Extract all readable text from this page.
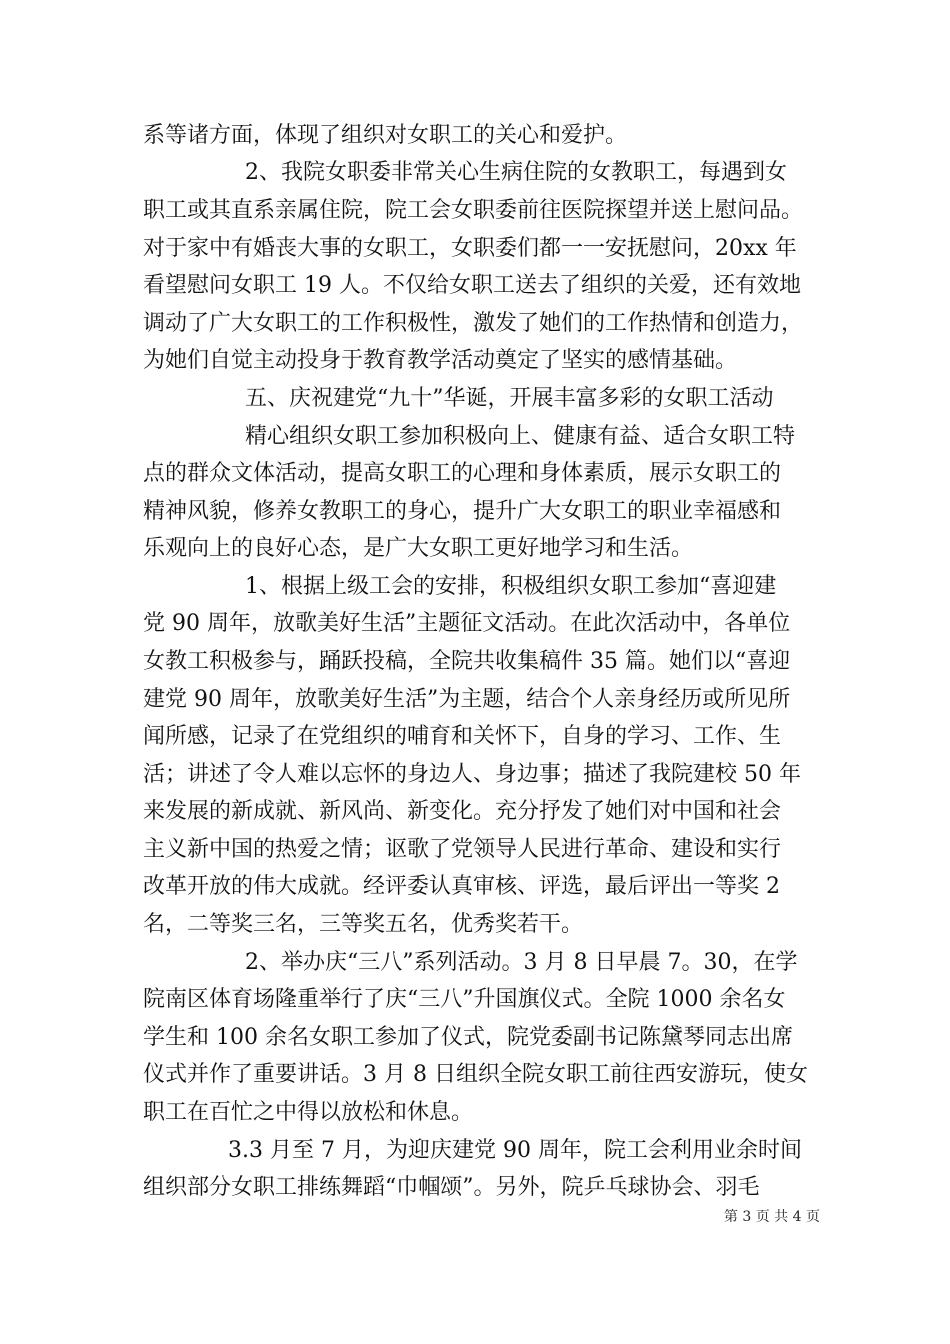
系等诸方面，体现了组织对女职工的关心和爱护。
2、我院女职委非常关心生病住院的女教职工，每遇到女
职工或其直系亲属住院，院工会女职委前往医院探望并送上慰问品。
对于家中有婚丧大事的女职工，女职委们都一一安抚慰问，20xx 年
看望慰问女职工 19 人。不仅给女职工送去了组织的关爱，还有效地
调动了广大女职工的工作积极性，激发了她们的工作热情和创造力，
为她们自觉主动投身于教育教学活动奠定了坚实的感情基础。
五、庆祝建党“九十”华诞，开展丰富多彩的女职工活动
精心组织女职工参加积极向上、健康有益、适合女职工特
点的群众文体活动，提高女职工的心理和身体素质，展示女职工的
精神风貌，修养女教职工的身心，提升广大女职工的职业幸福感和
乐观向上的良好心态，是广大女职工更好地学习和生活。
1、根据上级工会的安排，积极组织女职工参加“喜迎建
党 90 周年，放歌美好生活”主题征文活动。在此次活动中，各单位
女教工积极参与，踊跃投稿，全院共收集稿件 35 篇。她们以“喜迎
建党 90 周年，放歌美好生活”为主题，结合个人亲身经历或所见所
闻所感，记录了在党组织的哺育和关怀下，自身的学习、工作、生
活；讲述了令人难以忘怀的身边人、身边事；描述了我院建校 50 年
来发展的新成就、新风尚、新变化。充分抒发了她们对中国和社会
主义新中国的热爱之情；讴歌了党领导人民进行革命、建设和实行
改革开放的伟大成就。经评委认真审核、评选，最后评出一等奖 2
名，二等奖三名，三等奖五名，优秀奖若干。
2、举办庆“三八”系列活动。3 月 8 日早晨 7。30，在学
院南区体育场隆重举行了庆“三八”升国旗仪式。全院 1000 余名女
学生和 100 余名女职工参加了仪式，院党委副书记陈黛琴同志出席
仪式并作了重要讲话。3 月 8 日组织全院女职工前往西安游玩，使女
职工在百忙之中得以放松和休息。
3.3 月至 7 月，为迎庆建党 90 周年，院工会利用业余时间
组织部分女职工排练舞蹈“巾帼颂”。另外，院乒乓球协会、羽毛
第 3 页 共 4 页
